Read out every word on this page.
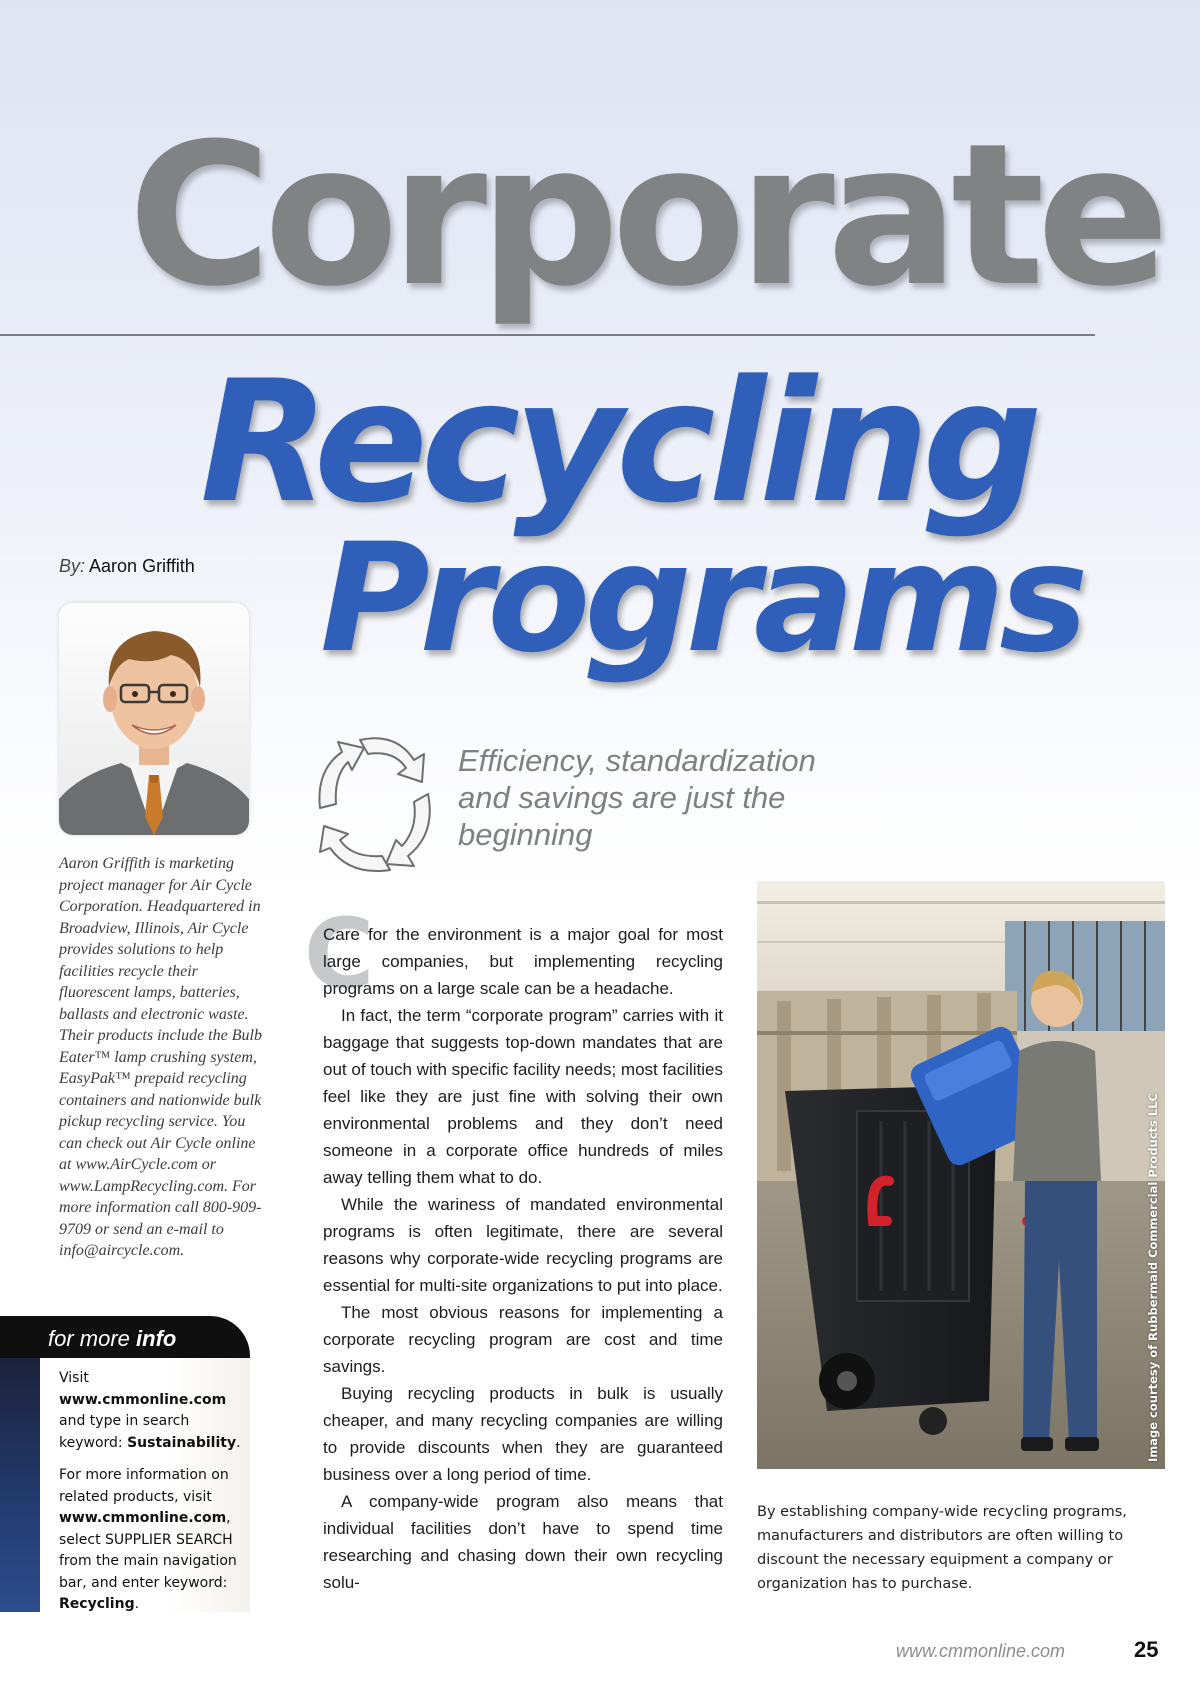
Corporate
Recycling
Programs
By: Aaron Griffith
Aaron Griffith is marketing project manager for Air Cycle Corporation. Headquartered in Broadview, Illinois, Air Cycle provides solutions to help facilities recycle their fluorescent lamps, batteries, ballasts and electronic waste. Their products include the Bulb Eater™ lamp crushing system, EasyPak™ prepaid recycling containers and nationwide bulk pickup recycling service. You can check out Air Cycle online at www.AirCycle.com or www.LampRecycling.com. For more information call 800-909-9709 or send an e-mail to info@aircycle.com.
for more info

Visit www.cmmonline.com and type in search keyword: Sustainability.

For more information on related products, visit www.cmmonline.com, select SUPPLIER SEARCH from the main navigation bar, and enter keyword: Recycling.

Efficiency, standardization and savings are just the beginning
C

Care for the environment is a major goal for most large companies, but implementing recycling programs on a large scale can be a headache.

In fact, the term “corporate program” carries with it baggage that suggests top-down mandates that are out of touch with specific facility needs; most facilities feel like they are just fine with solving their own environmental problems and they don’t need someone in a corporate office hundreds of miles away telling them what to do.

While the wariness of mandated environmental programs is often legitimate, there are several reasons why corporate-wide recycling programs are essential for multi-site organizations to put into place.

The most obvious reasons for implementing a corporate recycling program are cost and time savings.

Buying recycling products in bulk is usually cheaper, and many recycling companies are willing to provide discounts when they are guaranteed business over a long period of time.

A company-wide program also means that individual facilities don’t have to spend time researching and chasing down their own recycling solu-

Image courtesy of Rubbermaid Commercial Products LLC
By establishing company-wide recycling programs, manufacturers and distributors are often willing to discount the necessary equipment a company or organization has to purchase.
www.cmmonline.com	25
